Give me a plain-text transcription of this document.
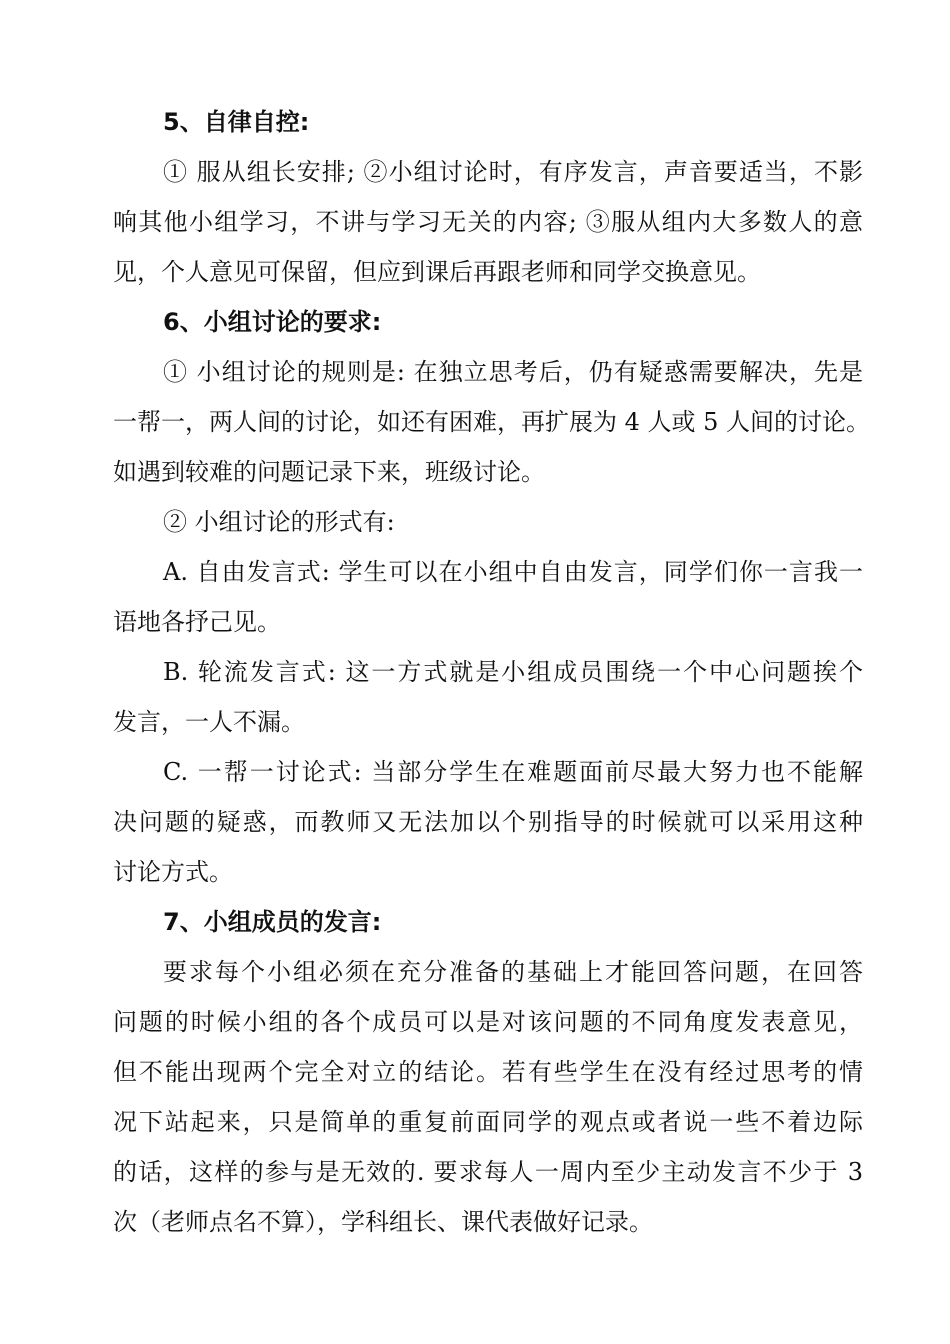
5、自律自控:
① 服从组长安排; ②小组讨论时，有序发言，声音要适当，不影
响其他小组学习，不讲与学习无关的内容; ③服从组内大多数人的意
见，个人意见可保留，但应到课后再跟老师和同学交换意见。
6、小组讨论的要求:
① 小组讨论的规则是: 在独立思考后，仍有疑惑需要解决，先是
一帮一，两人间的讨论，如还有困难，再扩展为 4 人或 5 人间的讨论。
如遇到较难的问题记录下来，班级讨论。
② 小组讨论的形式有:
A. 自由发言式: 学生可以在小组中自由发言，同学们你一言我一
语地各抒己见。
B. 轮流发言式: 这一方式就是小组成员围绕一个中心问题挨个
发言，一人不漏。
C. 一帮一讨论式: 当部分学生在难题面前尽最大努力也不能解
决问题的疑惑，而教师又无法加以个别指导的时候就可以采用这种
讨论方式。
7、小组成员的发言:
要求每个小组必须在充分准备的基础上才能回答问题，在回答
问题的时候小组的各个成员可以是对该问题的不同角度发表意见，
但不能出现两个完全对立的结论。若有些学生在没有经过思考的情
况下站起来，只是简单的重复前面同学的观点或者说一些不着边际
的话，这样的参与是无效的. 要求每人一周内至少主动发言不少于 3
次（老师点名不算），学科组长、课代表做好记录。
